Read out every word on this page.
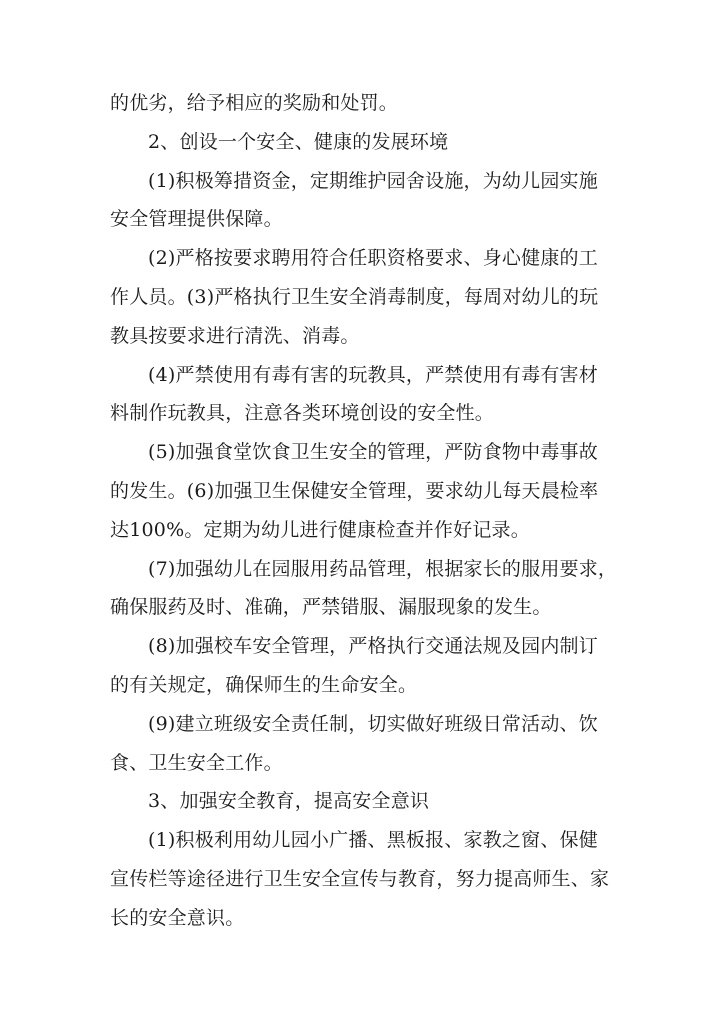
的优劣，给予相应的奖励和处罚。
2、创设一个安全、健康的发展环境
(1)积极筹措资金，定期维护园舍设施，为幼儿园实施
安全管理提供保障。
(2)严格按要求聘用符合任职资格要求、身心健康的工
作人员。(3)严格执行卫生安全消毒制度，每周对幼儿的玩
教具按要求进行清洗、消毒。
(4)严禁使用有毒有害的玩教具，严禁使用有毒有害材
料制作玩教具，注意各类环境创设的安全性。
(5)加强食堂饮食卫生安全的管理，严防食物中毒事故
的发生。(6)加强卫生保健安全管理，要求幼儿每天晨检率
达100%。定期为幼儿进行健康检查并作好记录。
(7)加强幼儿在园服用药品管理，根据家长的服用要求，
确保服药及时、准确，严禁错服、漏服现象的发生。
(8)加强校车安全管理，严格执行交通法规及园内制订
的有关规定，确保师生的生命安全。
(9)建立班级安全责任制，切实做好班级日常活动、饮
食、卫生安全工作。
3、加强安全教育，提高安全意识
(1)积极利用幼儿园小广播、黑板报、家教之窗、保健
宣传栏等途径进行卫生安全宣传与教育，努力提高师生、家
长的安全意识。
